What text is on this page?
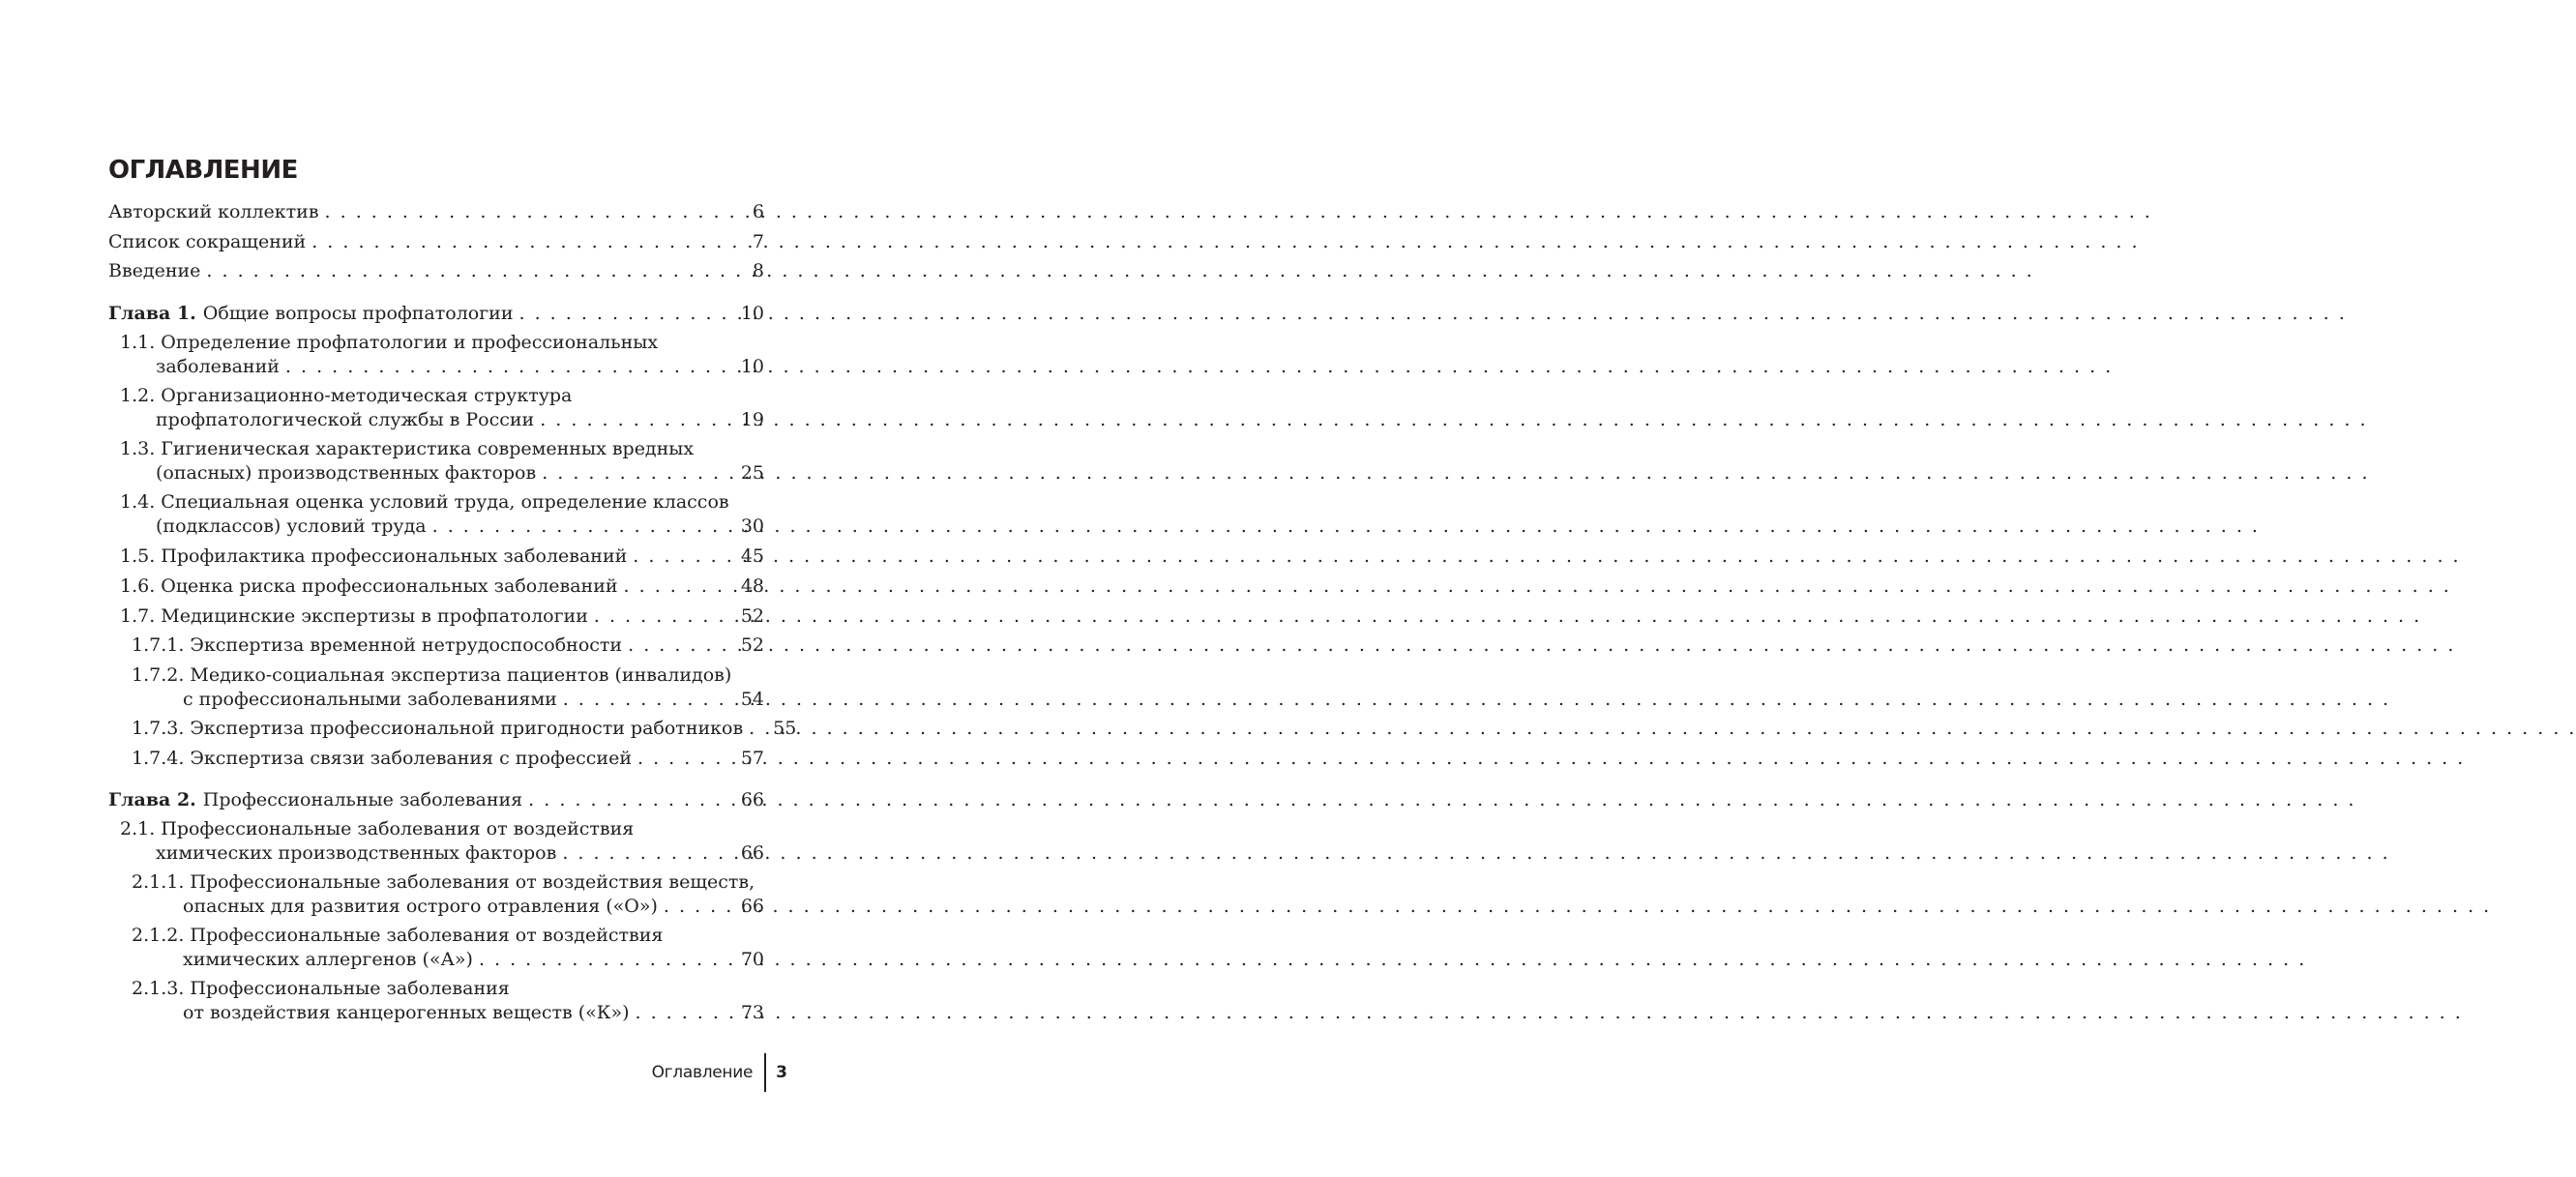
ОГЛАВЛЕНИЕ
Авторский коллектив . . .	6
Список сокращений . . .	7
Введение . . .	8
Глава 1. Общие вопросы профпатологии . . .	10
1.1. Определение профпатологии и профессиональных
заболеваний . . .	10
1.2. Организационно-методическая структура
профпатологической службы в России . . .	19
1.3. Гигиеническая характеристика современных вредных
(опасных) производственных факторов . . .	25
1.4. Специальная оценка условий труда, определение классов
(подклассов) условий труда . . .	30
1.5. Профилактика профессиональных заболеваний . . .	45
1.6. Оценка риска профессиональных заболеваний . . .	48
1.7. Медицинские экспертизы в профпатологии . . .	52
1.7.1. Экспертиза временной нетрудоспособности . . .	52
1.7.2. Медико-социальная экспертиза пациентов (инвалидов)
с профессиональными заболеваниями . . .	54
1.7.3. Экспертиза профессиональной пригодности работников . . . 55
1.7.4. Экспертиза связи заболевания с профессией . . .	57
Глава 2. Профессиональные заболевания . . .	66
2.1. Профессиональные заболевания от воздействия
химических производственных факторов . . .	66
2.1.1. Профессиональные заболевания от воздействия веществ,
опасных для развития острого отравления («О») . . .	66
2.1.2. Профессиональные заболевания от воздействия
химических аллергенов («А») . . .	70
2.1.3. Профессиональные заболевания
от воздействия канцерогенных веществ («К») . . .	73
Оглавление 3
